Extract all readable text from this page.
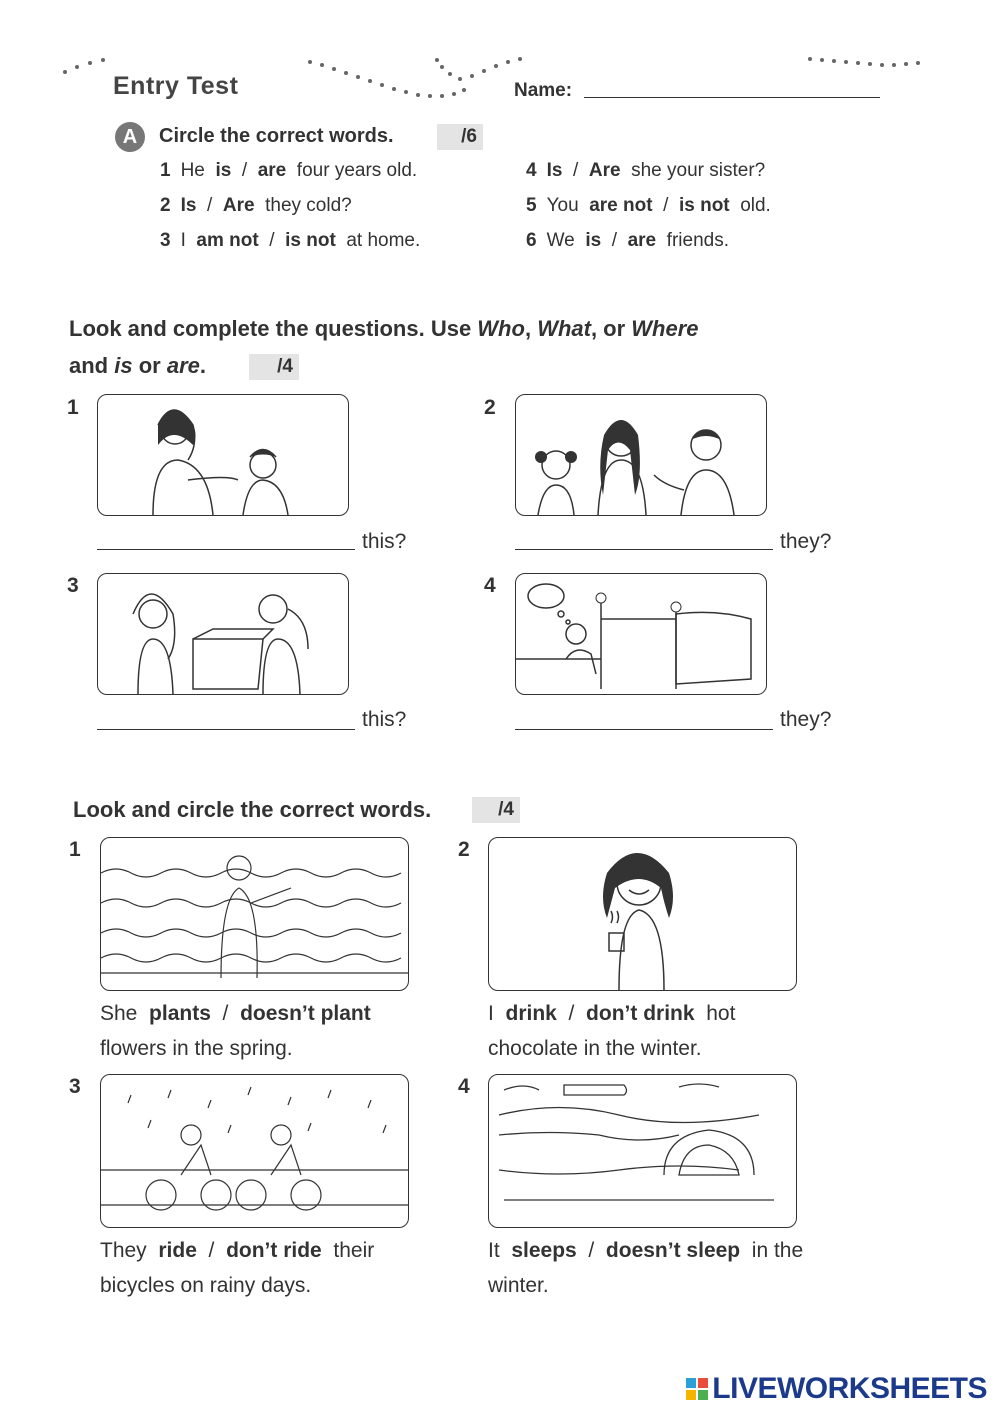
Entry Test	Name:
A	Circle the correct words.	/6
1 He is / are four years old.
2 Is / Are they cold?
3 I am not / is not at home.
4 Is / Are she your sister?
5 You are not / is not old.
6 We is / are friends.
Look and complete the questions. Use Who, What, or Where
and is or are.	/4
1
this?
2
they?
3
this?
4
they?
Look and circle the correct words.	/4
1
She plants  /  doesn’t plant
flowers in the spring.
2
I drink  /  don’t drink hot
chocolate in the winter.
3
They ride  /  don’t ride their
bicycles on rainy days.
4
It sleeps  /  doesn’t sleep in the
winter.
LIVEWORKSHEETS
